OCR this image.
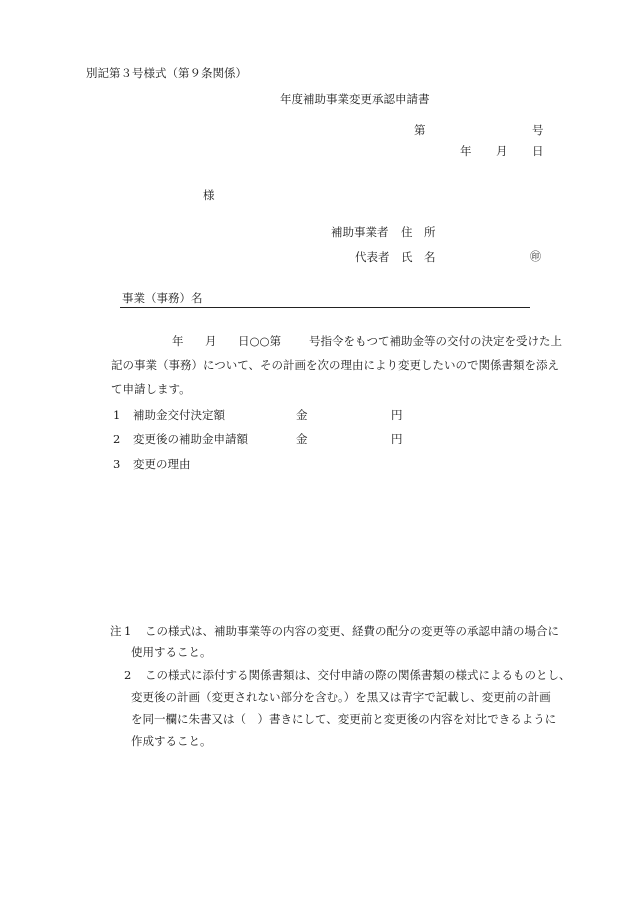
別記第３号様式（第９条関係）
年度補助事業変更承認申請書
第	号
年 月 日
様
補助事業者 住　所
代表者 氏　名	㊞
事業（事務）名
年 月 日○○第 号指令をもつて補助金等の交付の決定を受けた上
記の事業（事務）について、その計画を次の理由により変更したいので関係書類を添え
て申請します。
1 補助金交付決定額	金	円
2 変更後の補助金申請額	金	円
3 変更の理由
注 1 この様式は、補助事業等の内容の変更、経費の配分の変更等の承認申請の場合に
使用すること。
2 この様式に添付する関係書類は、交付申請の際の関係書類の様式によるものとし、
変更後の計画（変更されない部分を含む。）を黒又は青字で記載し、変更前の計画
を同一欄に朱書又は（　）書きにして、変更前と変更後の内容を対比できるように
作成すること。
